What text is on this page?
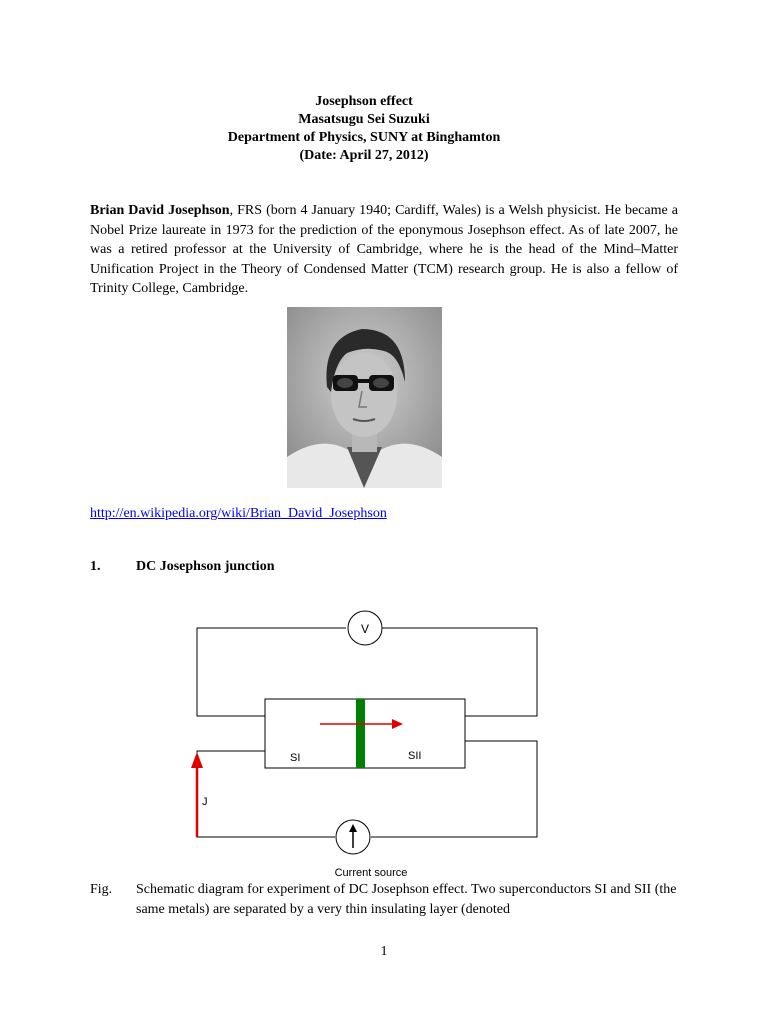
Josephson effect
Masatsugu Sei Suzuki
Department of Physics, SUNY at Binghamton
(Date: April 27, 2012)
Brian David Josephson, FRS (born 4 January 1940; Cardiff, Wales) is a Welsh physicist. He became a Nobel Prize laureate in 1973 for the prediction of the eponymous Josephson effect. As of late 2007, he was a retired professor at the University of Cambridge, where he is the head of the Mind–Matter Unification Project in the Theory of Condensed Matter (TCM) research group. He is also a fellow of Trinity College, Cambridge.
http://en.wikipedia.org/wiki/Brian_David_Josephson
1.	DC Josephson junction
V
SI	SII
J
Current source
Fig. Schematic diagram for experiment of DC Josephson effect. Two superconductors SI and SII (the same metals) are separated by a very thin insulating layer (denoted
1
